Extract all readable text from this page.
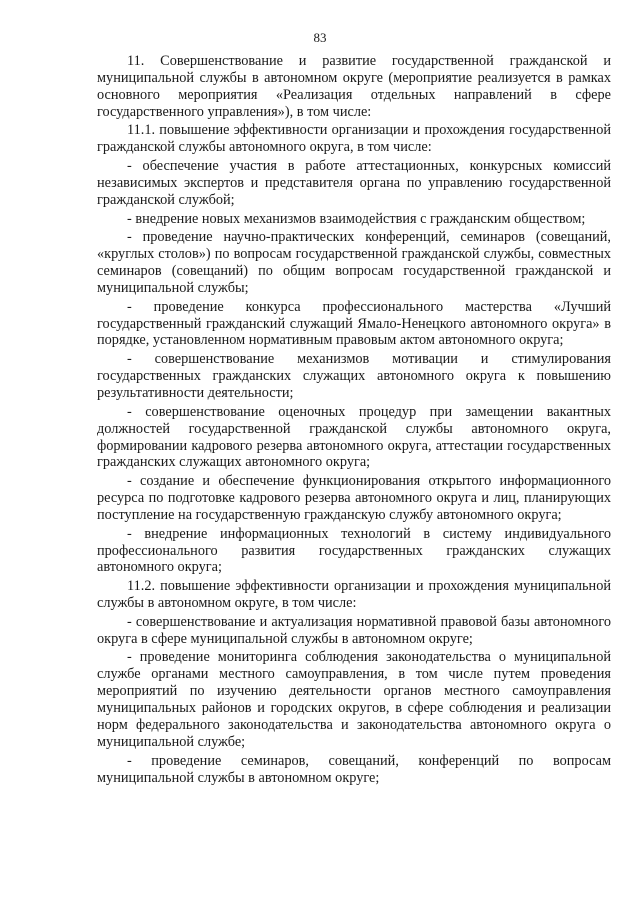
83

11. Совершенствование и развитие государственной гражданской и муниципальной службы в автономном округе (мероприятие реализуется в рамках основного мероприятия «Реализация отдельных направлений в сфере государственного управления»), в том числе:

11.1. повышение эффективности организации и прохождения государственной гражданской службы автономного округа, в том числе:

- обеспечение участия в работе аттестационных, конкурсных комиссий независимых экспертов и представителя органа по управлению государственной гражданской службой;

- внедрение новых механизмов взаимодействия с гражданским обществом;

- проведение научно-практических конференций, семинаров (совещаний, «круглых столов») по вопросам государственной гражданской службы, совместных семинаров (совещаний) по общим вопросам государственной гражданской и муниципальной службы;

- проведение конкурса профессионального мастерства «Лучший государственный гражданский служащий Ямало-Ненецкого автономного округа» в порядке, установленном нормативным правовым актом автономного округа;

- совершенствование механизмов мотивации и стимулирования государственных гражданских служащих автономного округа к повышению результативности деятельности;

- совершенствование оценочных процедур при замещении вакантных должностей государственной гражданской службы автономного округа, формировании кадрового резерва автономного округа, аттестации государственных гражданских служащих автономного округа;

- создание и обеспечение функционирования открытого информационного ресурса по подготовке кадрового резерва автономного округа и лиц, планирующих поступление на государственную гражданскую службу автономного округа;

- внедрение информационных технологий в систему индивидуального профессионального развития государственных гражданских служащих автономного округа;

11.2. повышение эффективности организации и прохождения муниципальной службы в автономном округе, в том числе:

- совершенствование и актуализация нормативной правовой базы автономного округа в сфере муниципальной службы в автономном округе;

- проведение мониторинга соблюдения законодательства о муниципальной службе органами местного самоуправления, в том числе путем проведения мероприятий по изучению деятельности органов местного самоуправления муниципальных районов и городских округов, в сфере соблюдения и реализации норм федерального законодательства и законодательства автономного округа о муниципальной службе;

- проведение семинаров, совещаний, конференций по вопросам муниципальной службы в автономном округе;
